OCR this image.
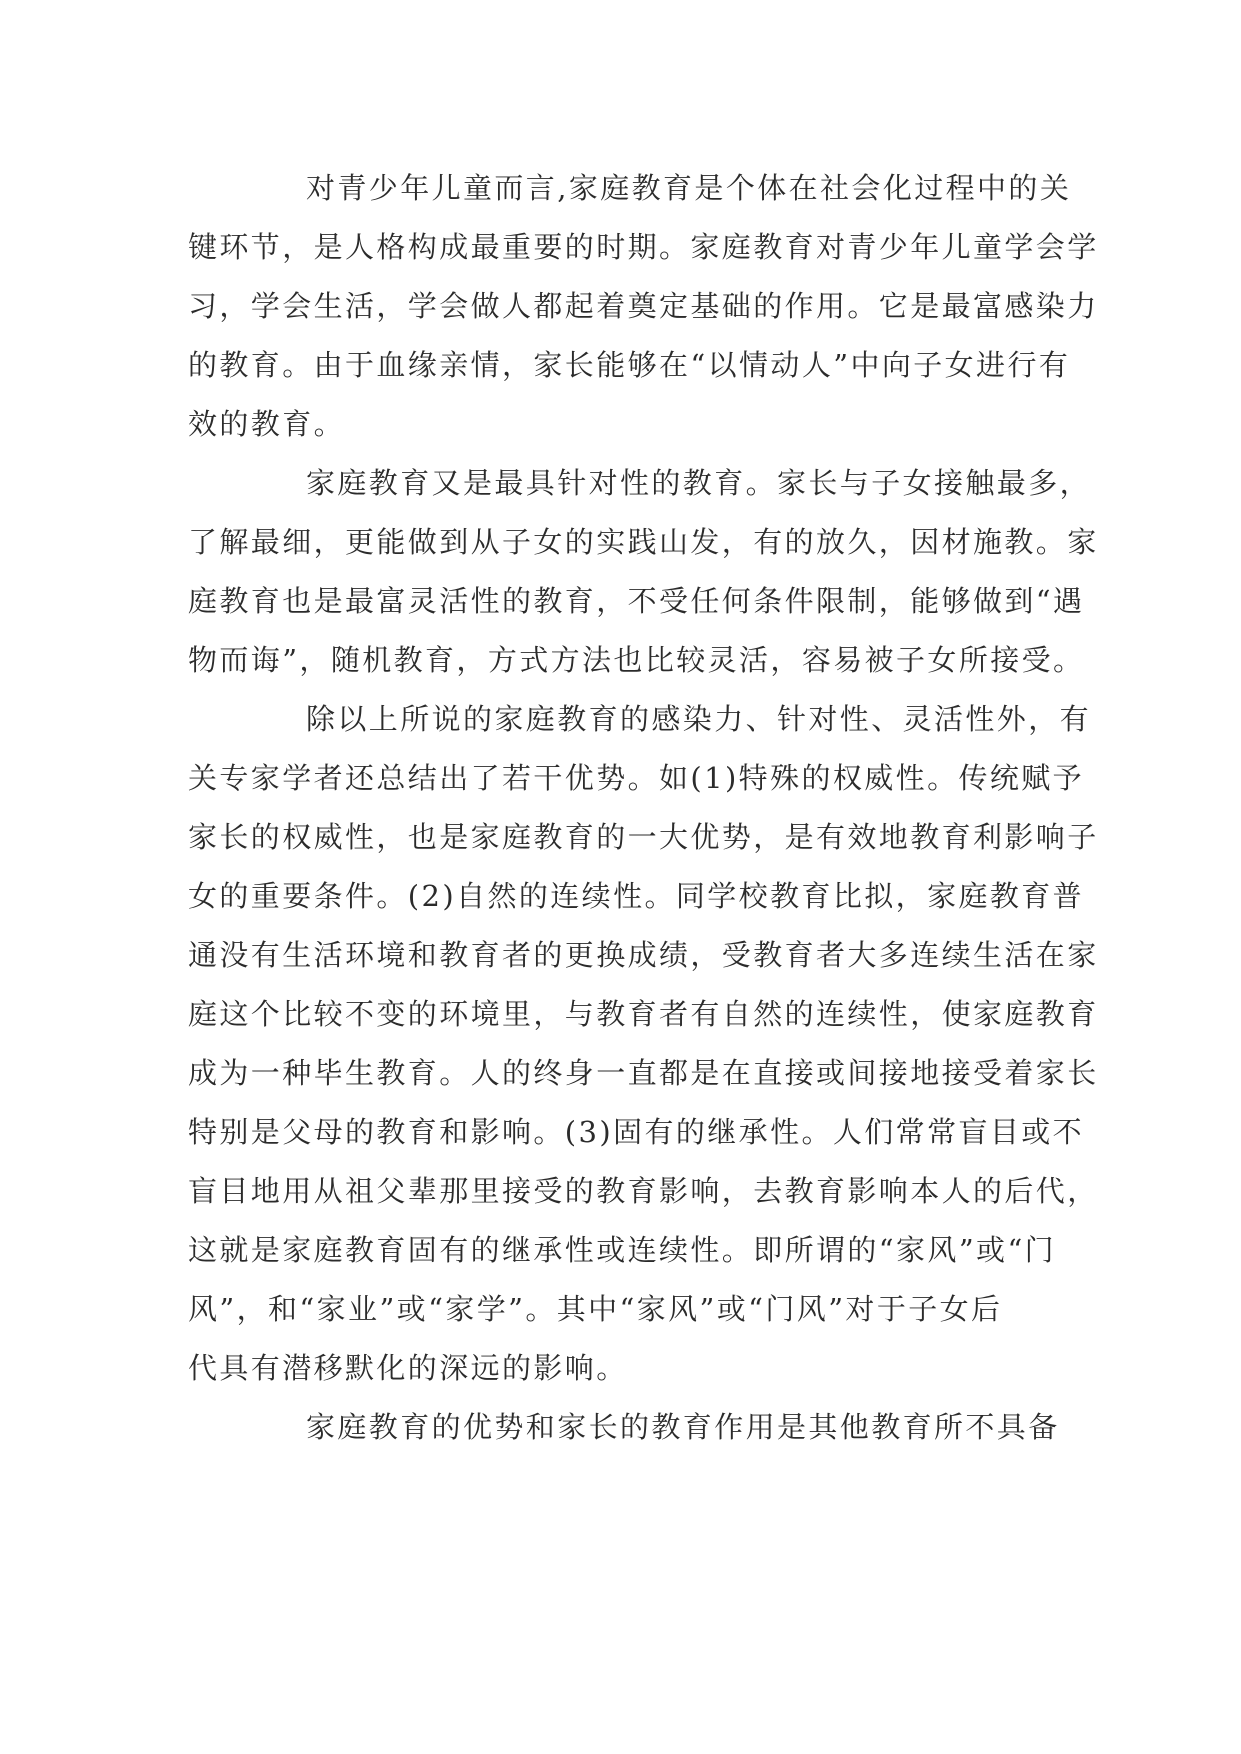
对青少年儿童而言,家庭教育是个体在社会化过程中的关
键环节，是人格构成最重要的时期。家庭教育对青少年儿童学会学
习，学会生活，学会做人都起着奠定基础的作用。它是最富感染力
的教育。由于血缘亲情，家长能够在“以情动人”中向子女进行有
效的教育。
家庭教育又是最具针对性的教育。家长与子女接触最多，
了解最细，更能做到从子女的实践山发，有的放久，因材施教。家
庭教育也是最富灵活性的教育，不受任何条件限制，能够做到“遇
物而诲”，随机教育，方式方法也比较灵活，容易被子女所接受。
除以上所说的家庭教育的感染力、针对性、灵活性外，有
关专家学者还总结出了若干优势。如(1)特殊的权威性。传统赋予
家长的权威性，也是家庭教育的一大优势，是有效地教育利影响子
女的重要条件。(2)自然的连续性。同学校教育比拟，家庭教育普
通没有生活环境和教育者的更换成绩，受教育者大多连续生活在家
庭这个比较不变的环境里，与教育者有自然的连续性，使家庭教育
成为一种毕生教育。人的终身一直都是在直接或间接地接受着家长
特别是父母的教育和影响。(3)固有的继承性。人们常常盲目或不
盲目地用从祖父辈那里接受的教育影响，去教育影响本人的后代，
这就是家庭教育固有的继承性或连续性。即所谓的“家风”或“门
风”，和“家业”或“家学”。其中“家风”或“门风”对于子女后
代具有潜移默化的深远的影响。
家庭教育的优势和家长的教育作用是其他教育所不具备
